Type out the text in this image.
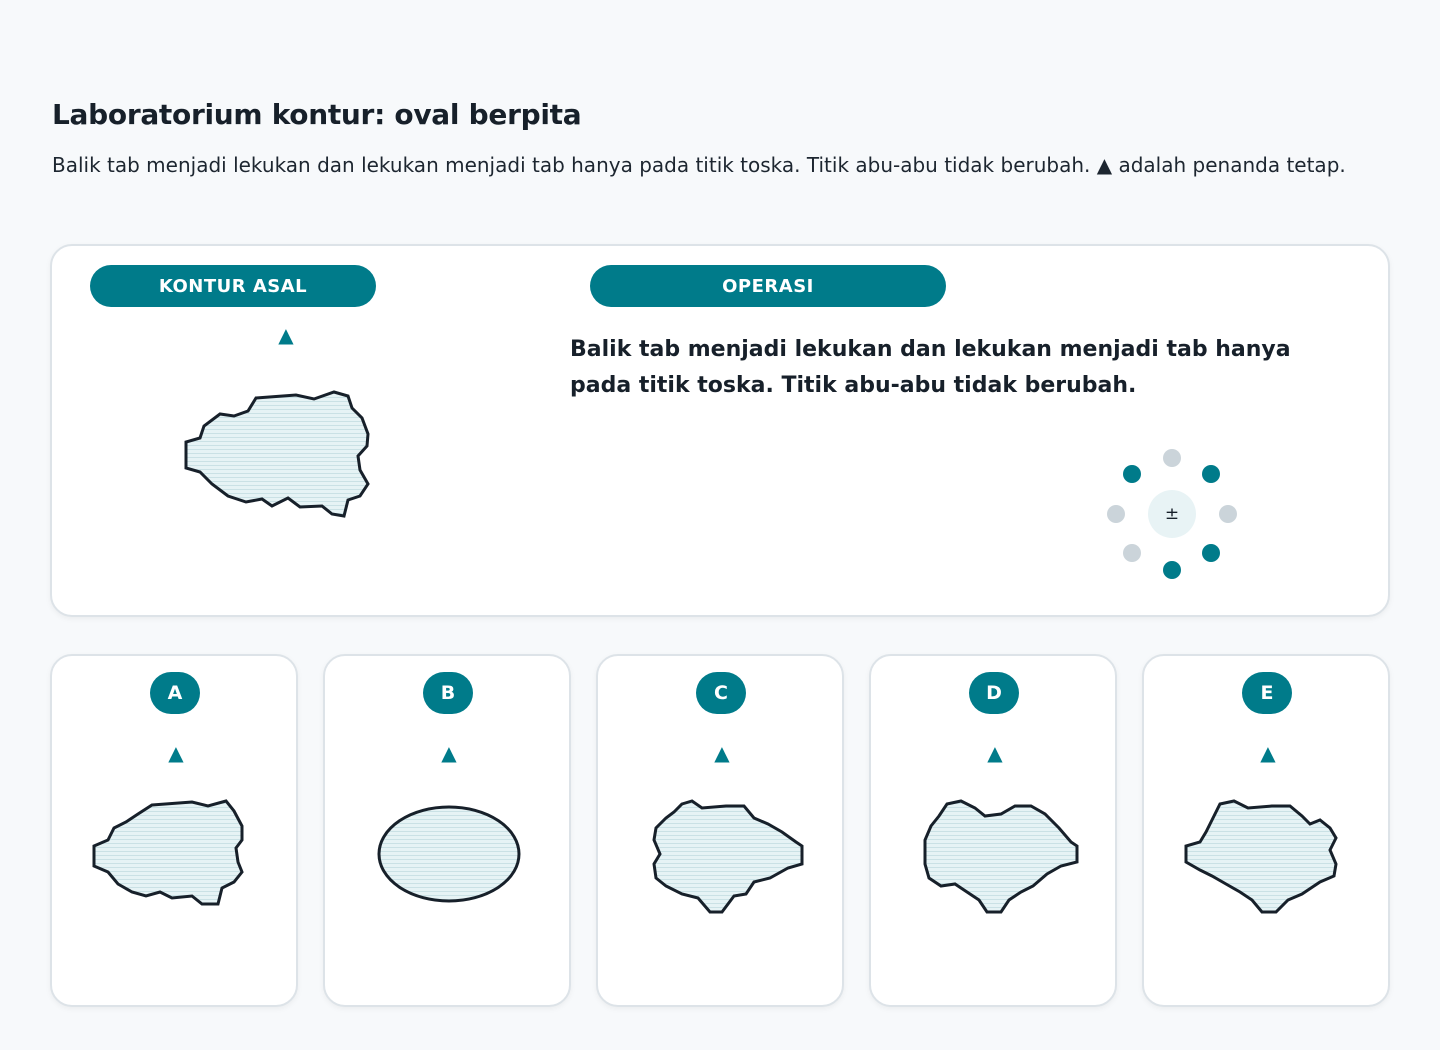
Laboratorium kontur: oval berpita
Balik tab menjadi lekukan dan lekukan menjadi tab hanya pada titik toska. Titik abu-abu tidak berubah. ▲ adalah penanda tetap.
KONTUR ASAL	OPERASI
▲
Balik tab menjadi lekukan dan lekukan menjadi tab hanya pada titik toska. Titik abu-abu tidak berubah.
±
A
▲
B
▲
C
▲
D
▲
E
▲
